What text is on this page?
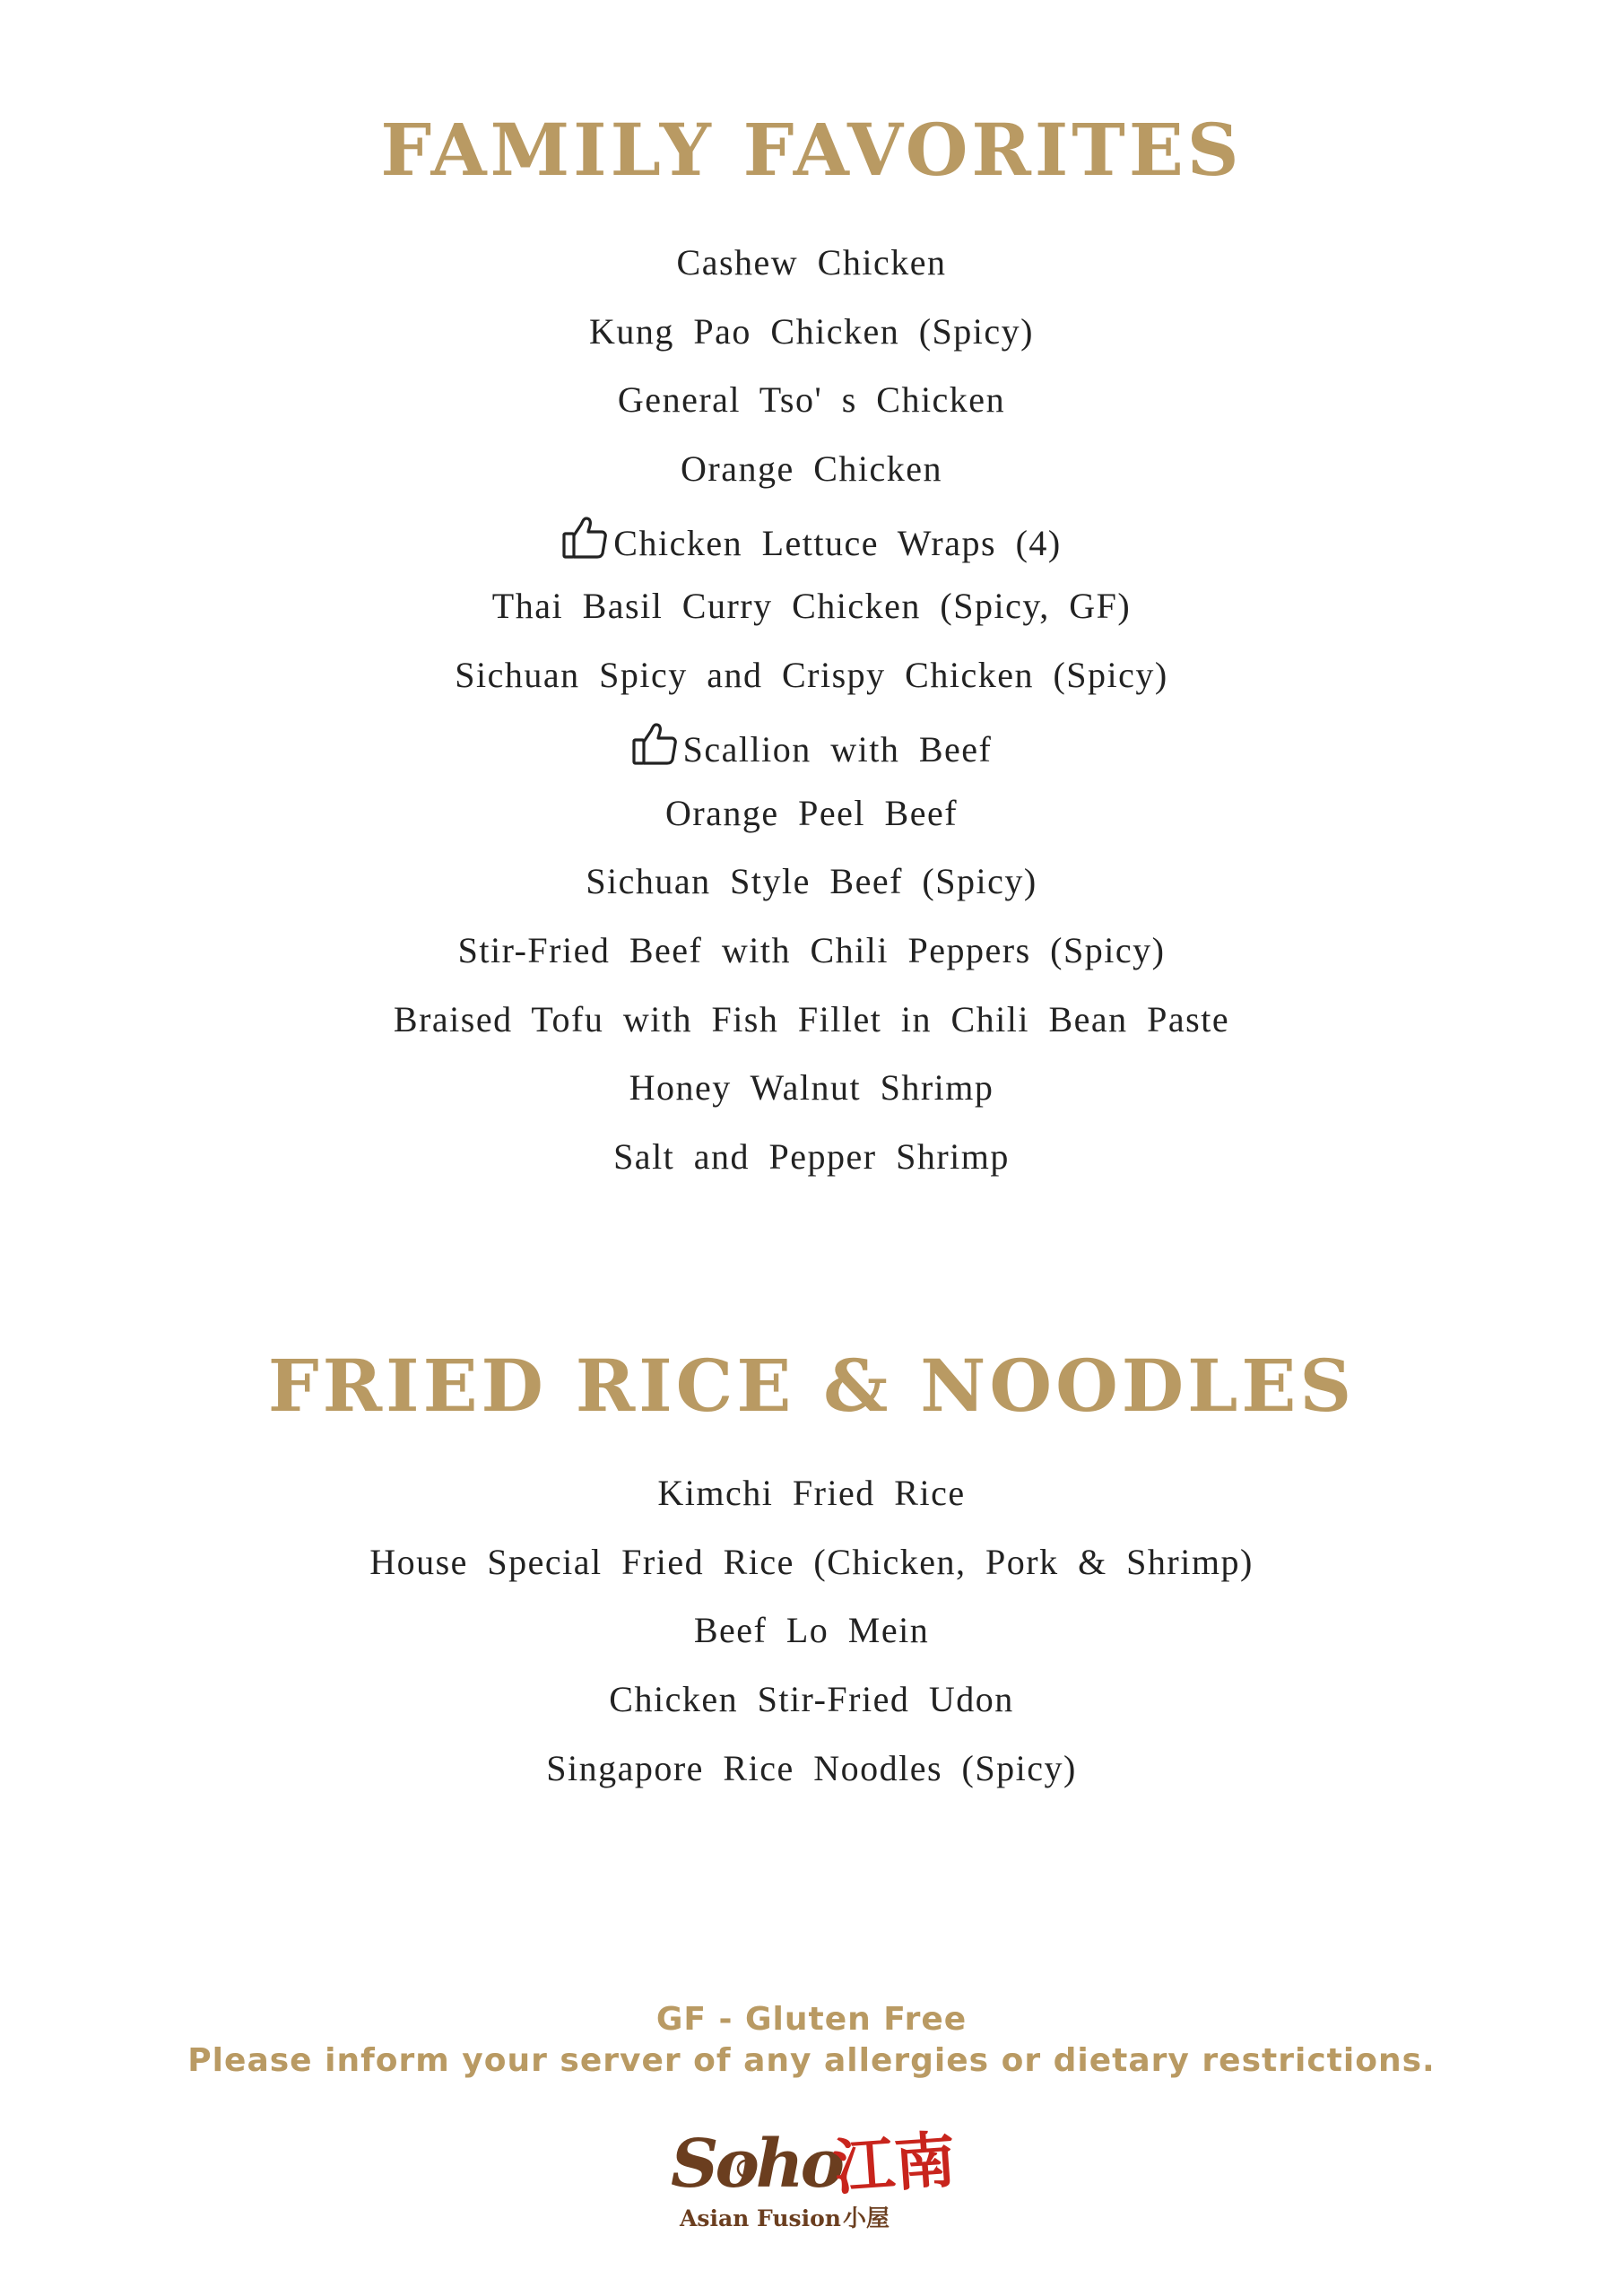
FAMILY FAVORITES
Cashew Chicken
Kung Pao Chicken (Spicy)
General Tso' s Chicken
Orange Chicken
Chicken Lettuce Wraps (4)
Thai Basil Curry Chicken (Spicy, GF)
Sichuan Spicy and Crispy Chicken (Spicy)
Scallion with Beef
Orange Peel Beef
Sichuan Style Beef (Spicy)
Stir-Fried Beef with Chili Peppers (Spicy)
Braised Tofu with Fish Fillet in Chili Bean Paste
Honey Walnut Shrimp
Salt and Pepper Shrimp
FRIED RICE & NOODLES
Kimchi Fried Rice
House Special Fried Rice (Chicken, Pork & Shrimp)
Beef Lo Mein
Chicken Stir-Fried Udon
Singapore Rice Noodles (Spicy)
GF - Gluten Free
Please inform your server of any allergies or dietary restrictions.
Soho
江南
Asian Fusion 小屋
